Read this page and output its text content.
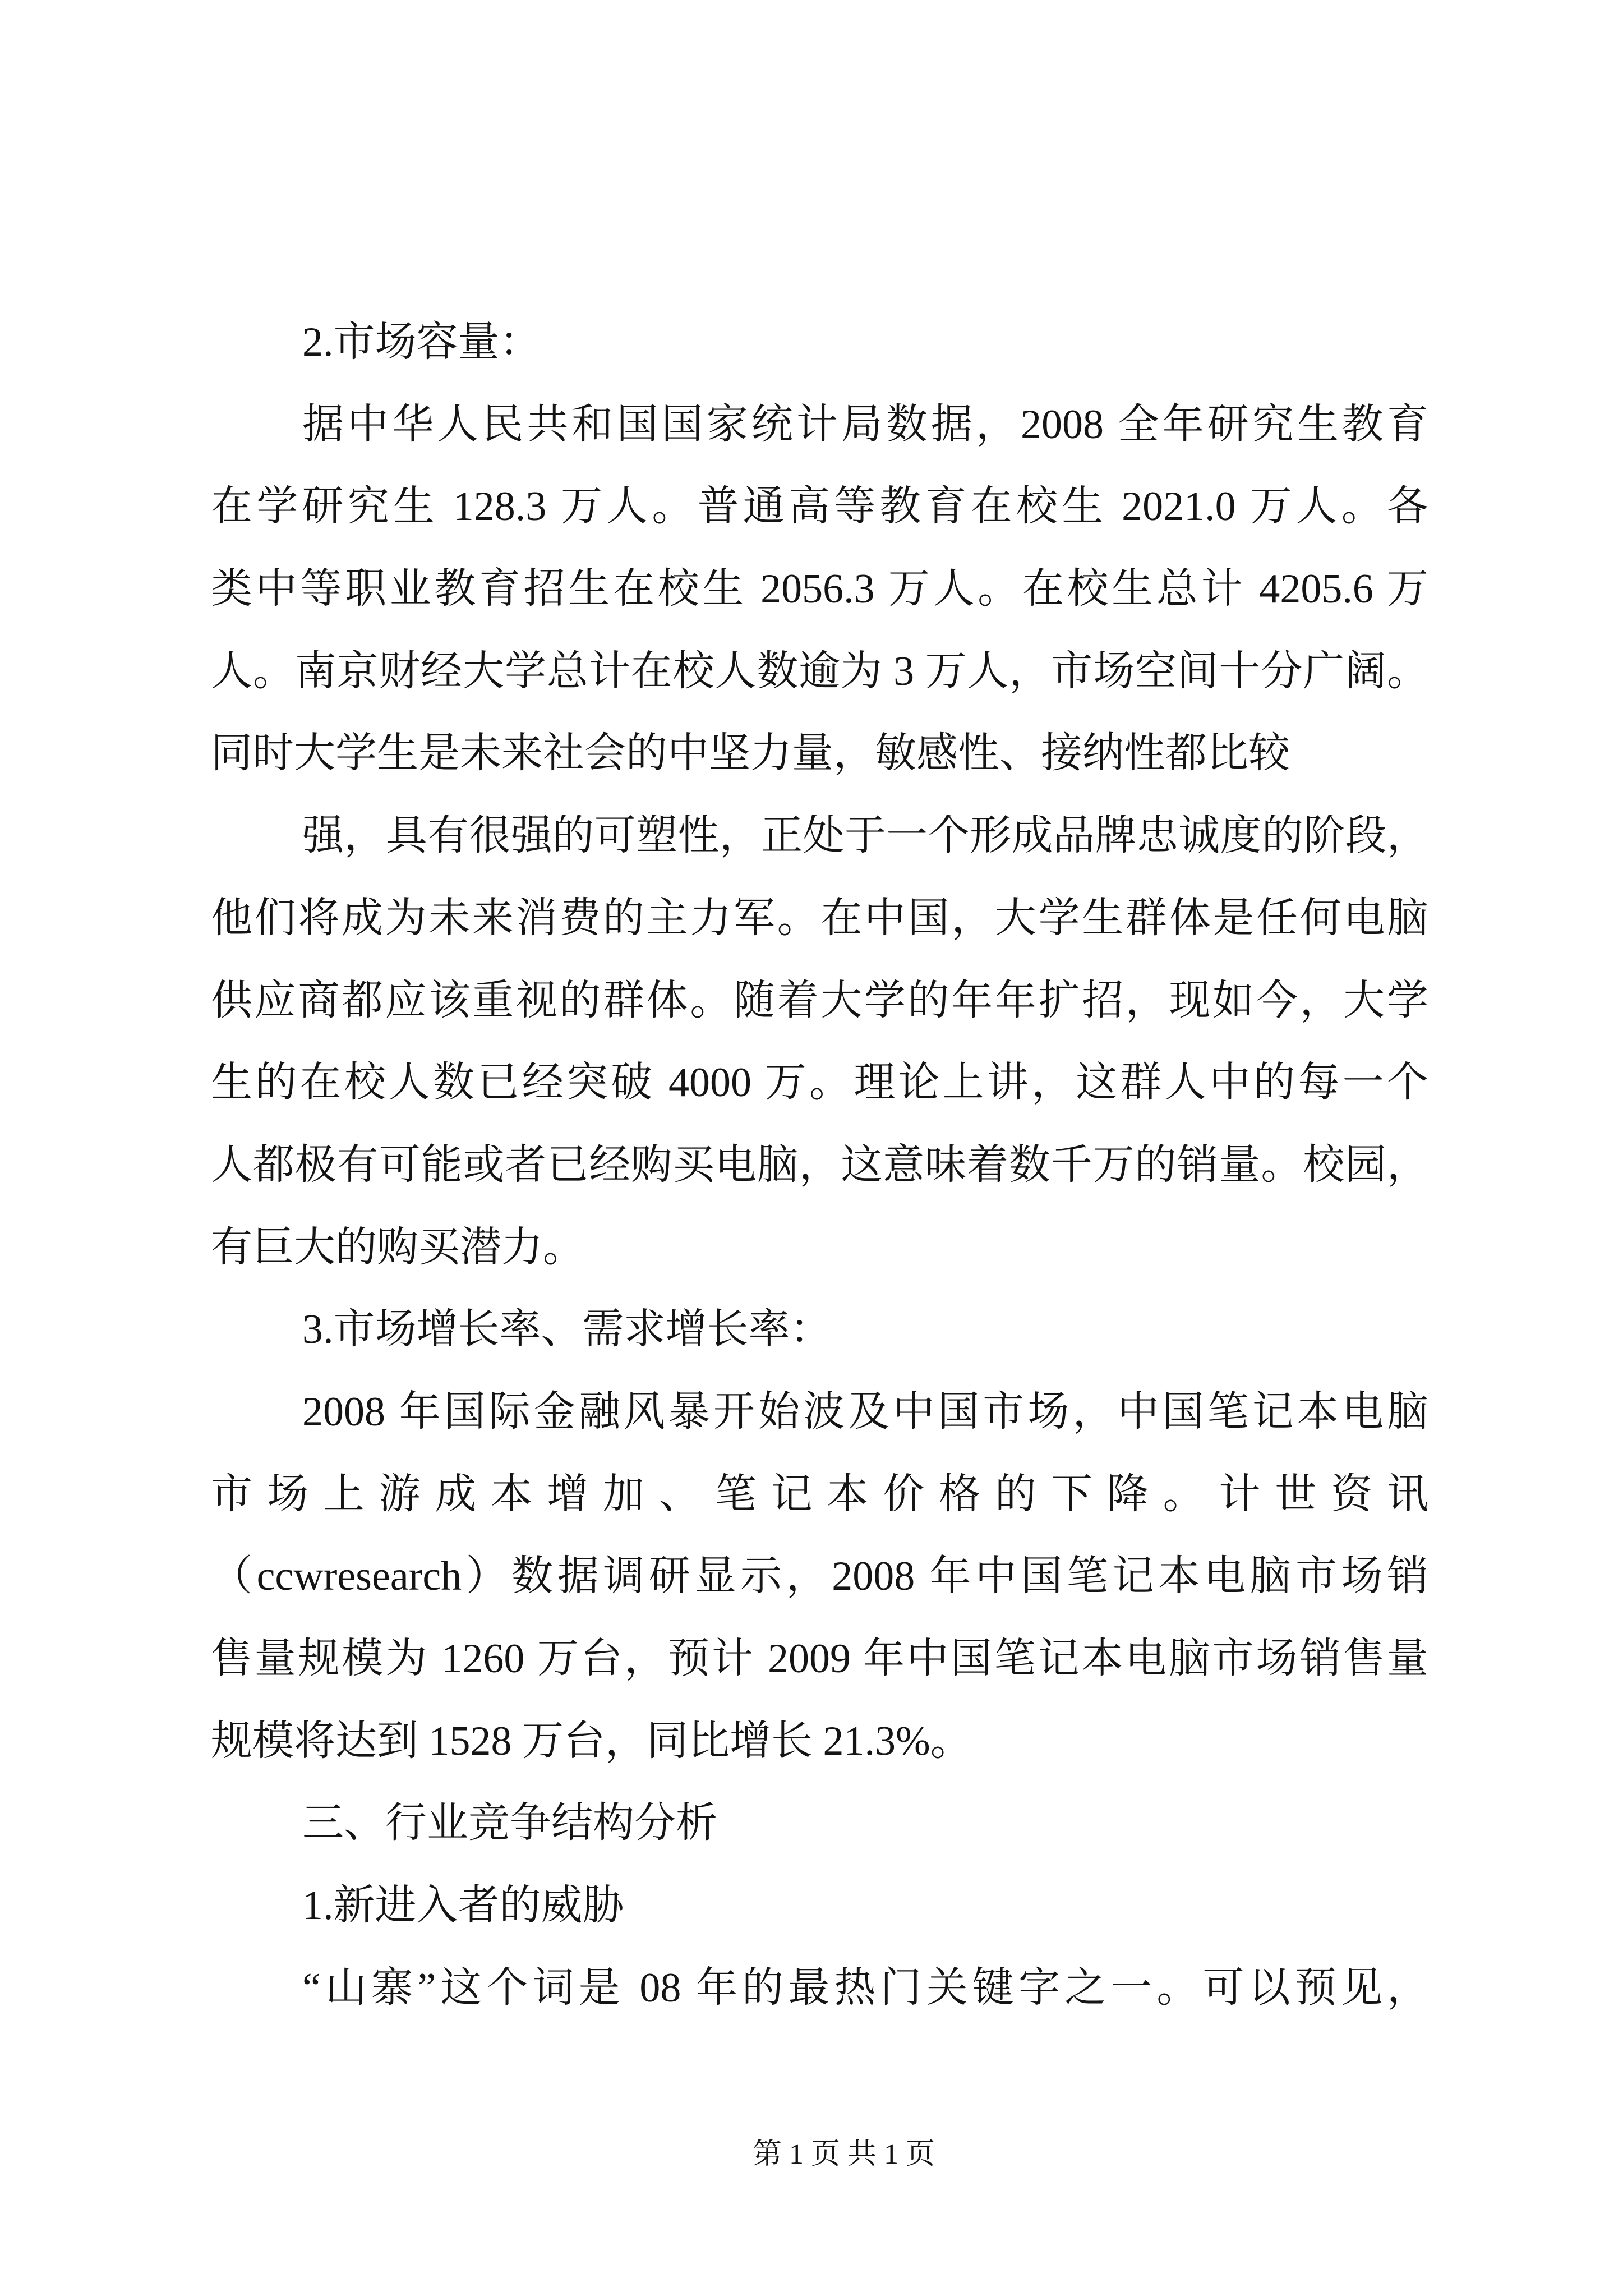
2.市场容量：
据中华人民共和国国家统计局数据，2008 全年研究生教育
在学研究生 128.3 万人。普通高等教育在校生 2021.0 万人。各
类中等职业教育招生在校生 2056.3 万人。在校生总计 4205.6 万
人。南京财经大学总计在校人数逾为 3 万人，市场空间十分广阔。
同时大学生是未来社会的中坚力量，敏感性、接纳性都比较
强，具有很强的可塑性，正处于一个形成品牌忠诚度的阶段，
他们将成为未来消费的主力军。在中国，大学生群体是任何电脑
供应商都应该重视的群体。随着大学的年年扩招，现如今，大学
生的在校人数已经突破 4000 万。理论上讲，这群人中的每一个
人都极有可能或者已经购买电脑，这意味着数千万的销量。校园，
有巨大的购买潜力。
3.市场增长率、需求增长率：
2008 年国际金融风暴开始波及中国市场，中国笔记本电脑
市场上游成本增加、笔记本价格的下降。计世资讯
（ccwresearch）数据调研显示，2008 年中国笔记本电脑市场销
售量规模为 1260 万台，预计 2009 年中国笔记本电脑市场销售量
规模将达到 1528 万台，同比增长 21.3%。
三、行业竞争结构分析
1.新进入者的威胁
“山寨”这个词是 08 年的最热门关键字之一。可以预见，
第 1 页 共 1 页
